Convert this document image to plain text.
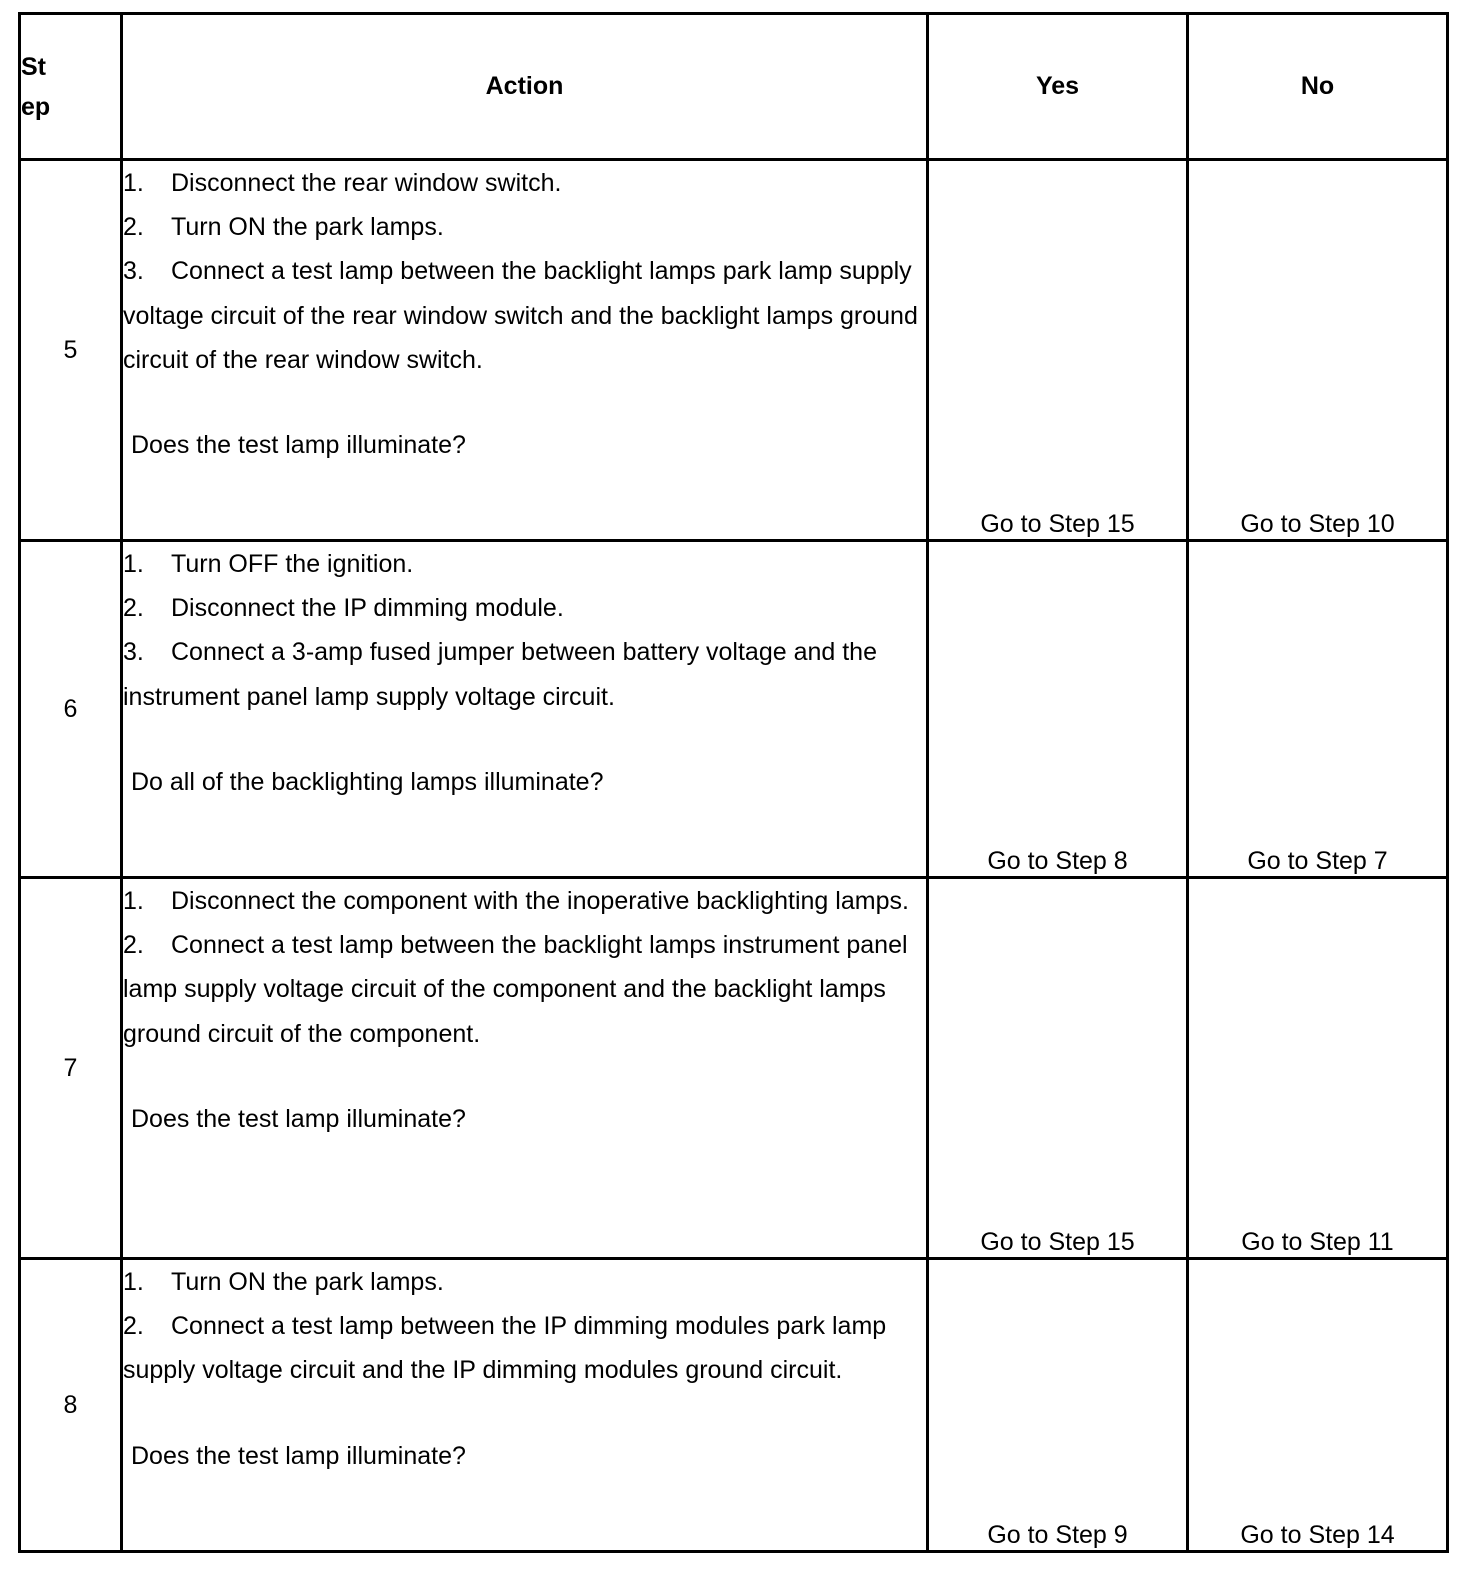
St
ep	Action	Yes	No
5	1. Disconnect the rear window switch.
2. Turn ON the park lamps.
3. Connect a test lamp between the backlight lamps park lamp supply voltage circuit of the rear window switch and the backlight lamps ground circuit of the rear window switch.
Does the test lamp illuminate?	Go to Step 15	Go to Step 10
6	1. Turn OFF the ignition.
2. Disconnect the IP dimming module.
3. Connect a 3-amp fused jumper between battery voltage and the instrument panel lamp supply voltage circuit.
Do all of the backlighting lamps illuminate?	Go to Step 8	Go to Step 7
7	1. Disconnect the component with the inoperative backlighting lamps.
2. Connect a test lamp between the backlight lamps instrument panel lamp supply voltage circuit of the component and the backlight lamps ground circuit of the component.
Does the test lamp illuminate?	Go to Step 15	Go to Step 11
8	1. Turn ON the park lamps.
2. Connect a test lamp between the IP dimming modules park lamp supply voltage circuit and the IP dimming modules ground circuit.
Does the test lamp illuminate?	Go to Step 9	Go to Step 14
